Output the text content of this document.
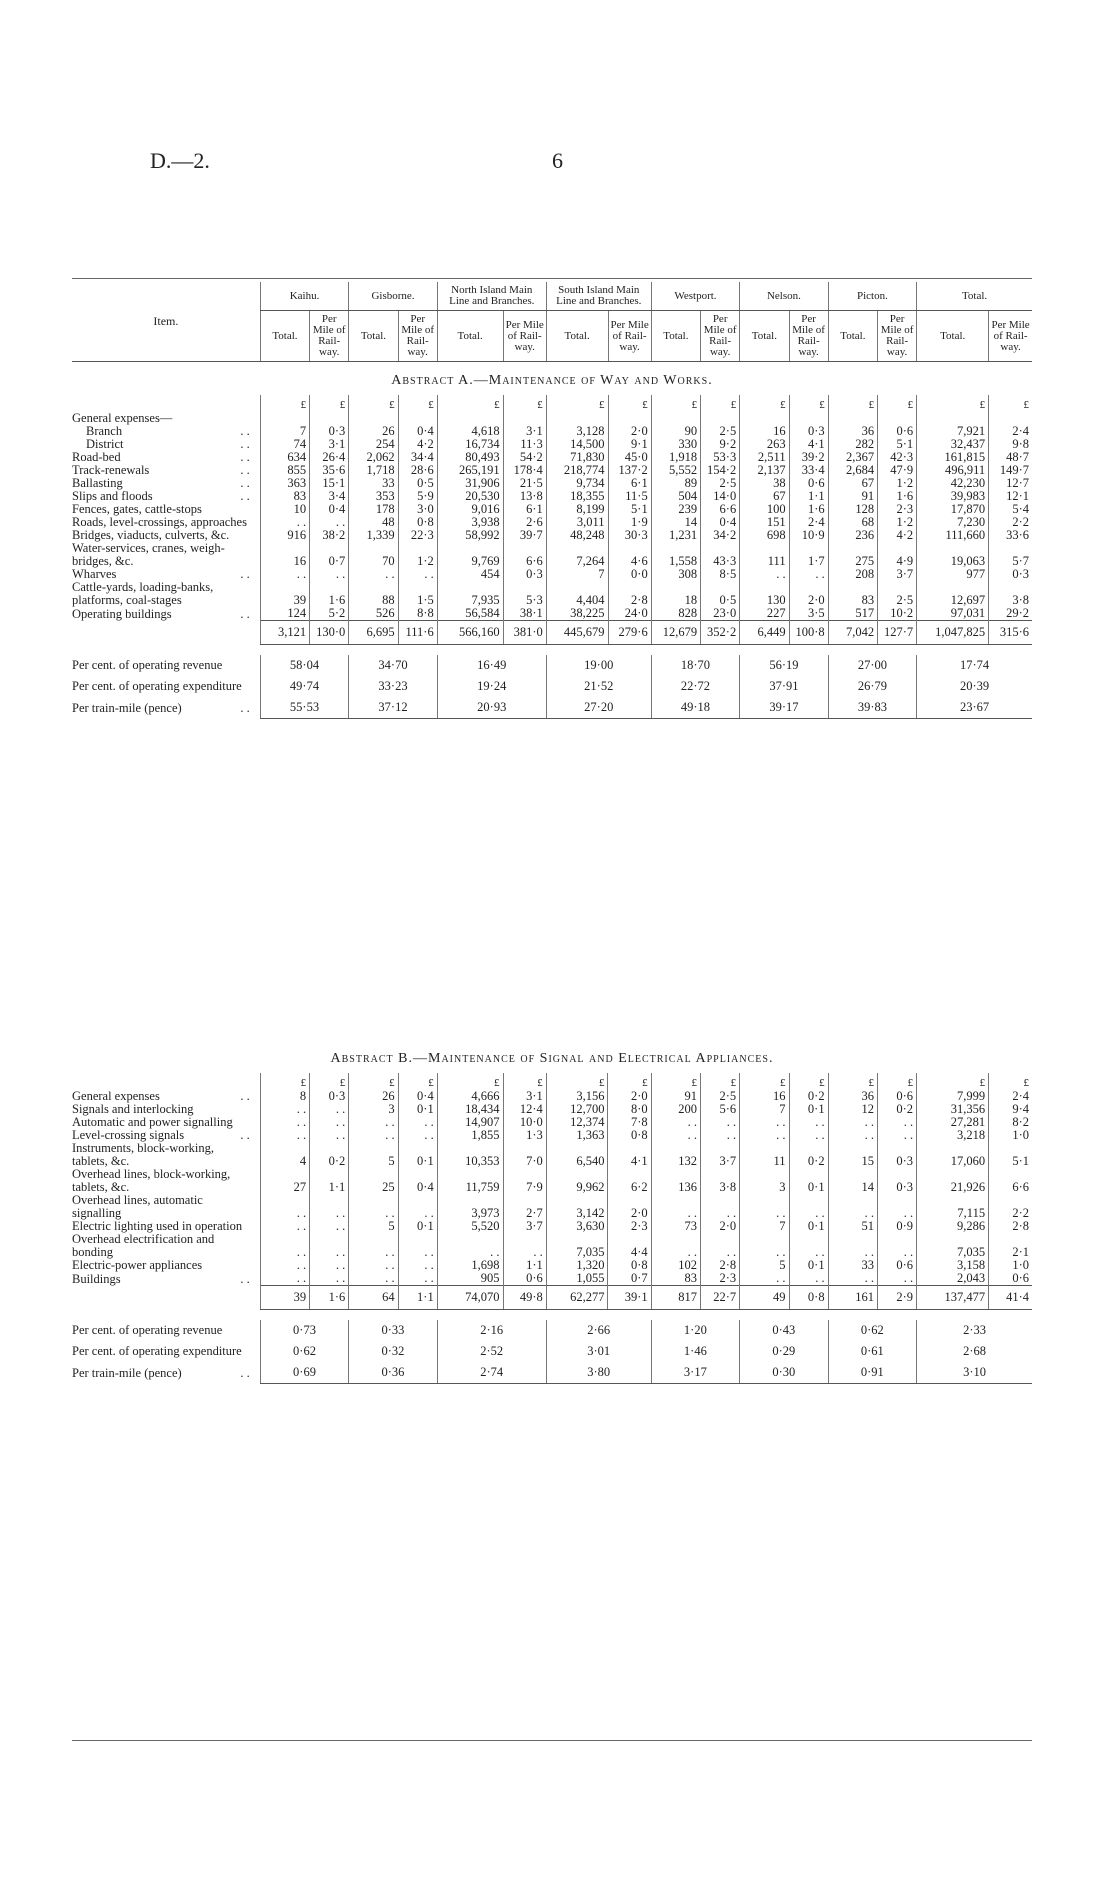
D.—2.	6
Item.	Kaihu.		Gisborne.		North Island Main Line and Branches.		South Island Main Line and Branches.		Westport.		Nelson.		Picton.		Total.	
	Total.	Per Mile of Rail-way.	Total.	Per Mile of Rail-way.	Total.	Per Mile of Rail-way.	Total.	Per Mile of Rail-way.	Total.	Per Mile of Rail-way.	Total.	Per Mile of Rail-way.	Total.	Per Mile of Rail-way.	Total.	Per Mile of Rail-way.
Abstract A.—Maintenance of Way and Works.																
	£	£	£	£	£	£	£	£	£	£	£	£	£	£	£	£
General expenses—																
Branch . .	7	0·3	26	0·4	4,618	3·1	3,128	2·0	90	2·5	16	0·3	36	0·6	7,921	2·4
District . .	74	3·1	254	4·2	16,734	11·3	14,500	9·1	330	9·2	263	4·1	282	5·1	32,437	9·8
Road-bed . .	634	26·4	2,062	34·4	80,493	54·2	71,830	45·0	1,918	53·3	2,511	39·2	2,367	42·3	161,815	48·7
Track-renewals . .	855	35·6	1,718	28·6	265,191	178·4	218,774	137·2	5,552	154·2	2,137	33·4	2,684	47·9	496,911	149·7
Ballasting . .	363	15·1	33	0·5	31,906	21·5	9,734	6·1	89	2·5	38	0·6	67	1·2	42,230	12·7
Slips and floods . .	83	3·4	353	5·9	20,530	13·8	18,355	11·5	504	14·0	67	1·1	91	1·6	39,983	12·1
Fences, gates, cattle-stops	10	0·4	178	3·0	9,016	6·1	8,199	5·1	239	6·6	100	1·6	128	2·3	17,870	5·4
Roads, level-crossings, approaches	. .	. .	48	0·8	3,938	2·6	3,011	1·9	14	0·4	151	2·4	68	1·2	7,230	2·2
Bridges, viaducts, culverts, &c.	916	38·2	1,339	22·3	58,992	39·7	48,248	30·3	1,231	34·2	698	10·9	236	4·2	111,660	33·6
Water-services, cranes, weigh-bridges, &c.	16	0·7	70	1·2	9,769	6·6	7,264	4·6	1,558	43·3	111	1·7	275	4·9	19,063	5·7
Wharves . .	. .	. .	. .	. .	454	0·3	7	0·0	308	8·5	. .	. .	208	3·7	977	0·3
Cattle-yards, loading-banks, platforms, coal-stages	39	1·6	88	1·5	7,935	5·3	4,404	2·8	18	0·5	130	2·0	83	2·5	12,697	3·8
Operating buildings . .	124	5·2	526	8·8	56,584	38·1	38,225	24·0	828	23·0	227	3·5	517	10·2	97,031	29·2
	3,121	130·0	6,695	111·6	566,160	381·0	445,679	279·6	12,679	352·2	6,449	100·8	7,042	127·7	1,047,825	315·6

Per cent. of operating revenue	58·04		34·70		16·49		19·00		18·70		56·19		27·00		17·74	
Per cent. of operating expenditure	49·74		33·23		19·24		21·52		22·72		37·91		26·79		20·39	
Per train-mile (pence) . .	55·53		37·12		20·93		27·20		49·18		39·17		39·83		23·67	
Abstract B.—Maintenance of Signal and Electrical Appliances.																
	£	£	£	£	£	£	£	£	£	£	£	£	£	£	£	£
General expenses . .	8	0·3	26	0·4	4,666	3·1	3,156	2·0	91	2·5	16	0·2	36	0·6	7,999	2·4
Signals and interlocking	. .	. .	3	0·1	18,434	12·4	12,700	8·0	200	5·6	7	0·1	12	0·2	31,356	9·4
Automatic and power signalling	. .	. .	. .	. .	14,907	10·0	12,374	7·8	. .	. .	. .	. .	. .	. .	27,281	8·2
Level-crossing signals . .	. .	. .	. .	. .	1,855	1·3	1,363	0·8	. .	. .	. .	. .	. .	. .	3,218	1·0
Instruments, block-working, tablets, &c.	4	0·2	5	0·1	10,353	7·0	6,540	4·1	132	3·7	11	0·2	15	0·3	17,060	5·1
Overhead lines, block-working, tablets, &c.	27	1·1	25	0·4	11,759	7·9	9,962	6·2	136	3·8	3	0·1	14	0·3	21,926	6·6
Overhead lines, automatic signalling	. .	. .	. .	. .	3,973	2·7	3,142	2·0	. .	. .	. .	. .	. .	. .	7,115	2·2
Electric lighting used in operation	. .	. .	5	0·1	5,520	3·7	3,630	2·3	73	2·0	7	0·1	51	0·9	9,286	2·8
Overhead electrification and bonding	. .	. .	. .	. .	. .	. .	7,035	4·4	. .	. .	. .	. .	. .	. .	7,035	2·1
Electric-power appliances	. .	. .	. .	. .	1,698	1·1	1,320	0·8	102	2·8	5	0·1	33	0·6	3,158	1·0
Buildings . .	. .	. .	. .	. .	905	0·6	1,055	0·7	83	2·3	. .	. .	. .	. .	2,043	0·6
	39	1·6	64	1·1	74,070	49·8	62,277	39·1	817	22·7	49	0·8	161	2·9	137,477	41·4

Per cent. of operating revenue	0·73		0·33		2·16		2·66		1·20		0·43		0·62		2·33	
Per cent. of operating expenditure	0·62		0·32		2·52		3·01		1·46		0·29		0·61		2·68	
Per train-mile (pence) . .	0·69		0·36		2·74		3·80		3·17		0·30		0·91		3·10	
